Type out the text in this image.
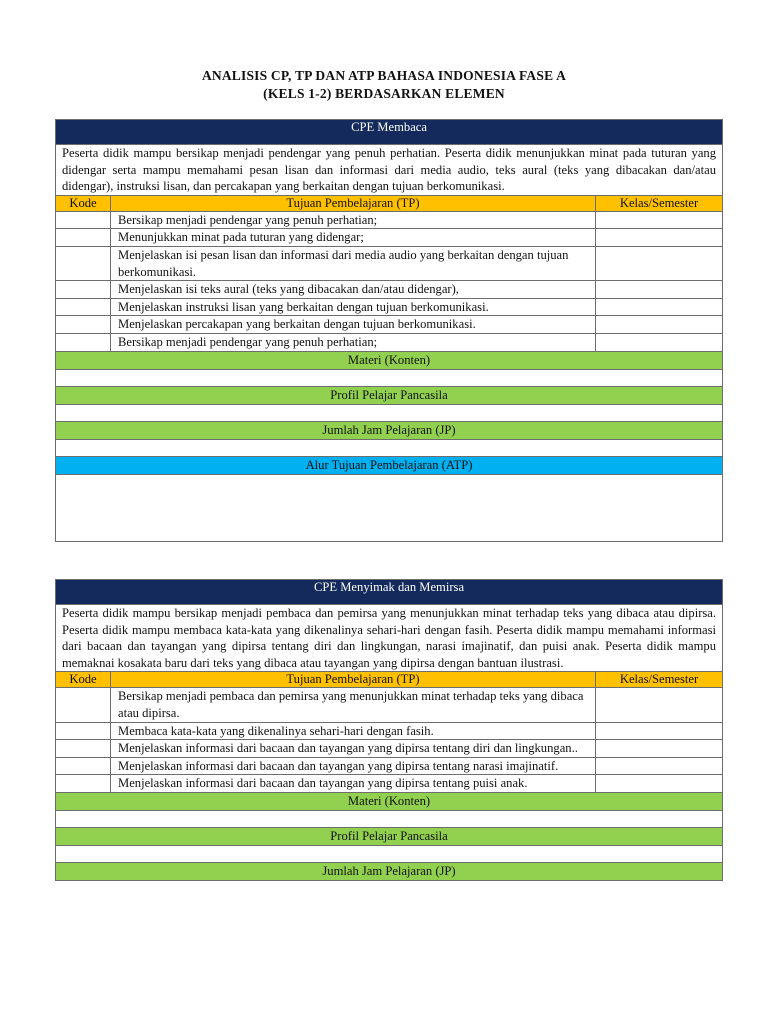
ANALISIS CP, TP DAN ATP BAHASA INDONESIA FASE A
(KELS 1-2) BERDASARKAN ELEMEN
CPE Membaca		
Peserta didik mampu bersikap menjadi pendengar yang penuh perhatian. Peserta didik menunjukkan minat pada tuturan yang didengar serta mampu memahami pesan lisan dan informasi dari media audio, teks aural (teks yang dibacakan dan/atau didengar), instruksi lisan, dan percakapan yang berkaitan dengan tujuan berkomunikasi.		
Kode	Tujuan Pembelajaran (TP)	Kelas/Semester
	Bersikap menjadi pendengar yang penuh perhatian;	
	Menunjukkan minat pada tuturan yang didengar;	
	Menjelaskan isi pesan lisan dan informasi dari media audio yang berkaitan dengan tujuan berkomunikasi.	
	Menjelaskan isi teks aural (teks yang dibacakan dan/atau didengar),	
	Menjelaskan instruksi lisan yang berkaitan dengan tujuan berkomunikasi.	
	Menjelaskan percakapan yang berkaitan dengan tujuan berkomunikasi.	
	Bersikap menjadi pendengar yang penuh perhatian;	
Materi (Konten)		

Profil Pelajar Pancasila		

Jumlah Jam Pelajaran (JP)		

Alur Tujuan Pembelajaran (ATP)		

CPE Menyimak dan Memirsa		
Peserta didik mampu bersikap menjadi pembaca dan pemirsa yang menunjukkan minat terhadap teks yang dibaca atau dipirsa. Peserta didik mampu membaca kata-kata yang dikenalinya sehari-hari dengan fasih. Peserta didik mampu memahami informasi dari bacaan dan tayangan yang dipirsa tentang diri dan lingkungan, narasi imajinatif, dan puisi anak. Peserta didik mampu memaknai kosakata baru dari teks yang dibaca atau tayangan yang dipirsa dengan bantuan ilustrasi.		
Kode	Tujuan Pembelajaran (TP)	Kelas/Semester
	Bersikap menjadi pembaca dan pemirsa yang menunjukkan minat terhadap teks yang dibaca atau dipirsa.	
	Membaca kata-kata yang dikenalinya sehari-hari dengan fasih.	
	Menjelaskan informasi dari bacaan dan tayangan yang dipirsa tentang diri dan lingkungan..	
	Menjelaskan informasi dari bacaan dan tayangan yang dipirsa tentang narasi imajinatif.	
	Menjelaskan informasi dari bacaan dan tayangan yang dipirsa tentang puisi anak.	
Materi (Konten)		

Profil Pelajar Pancasila		

Jumlah Jam Pelajaran (JP)		
